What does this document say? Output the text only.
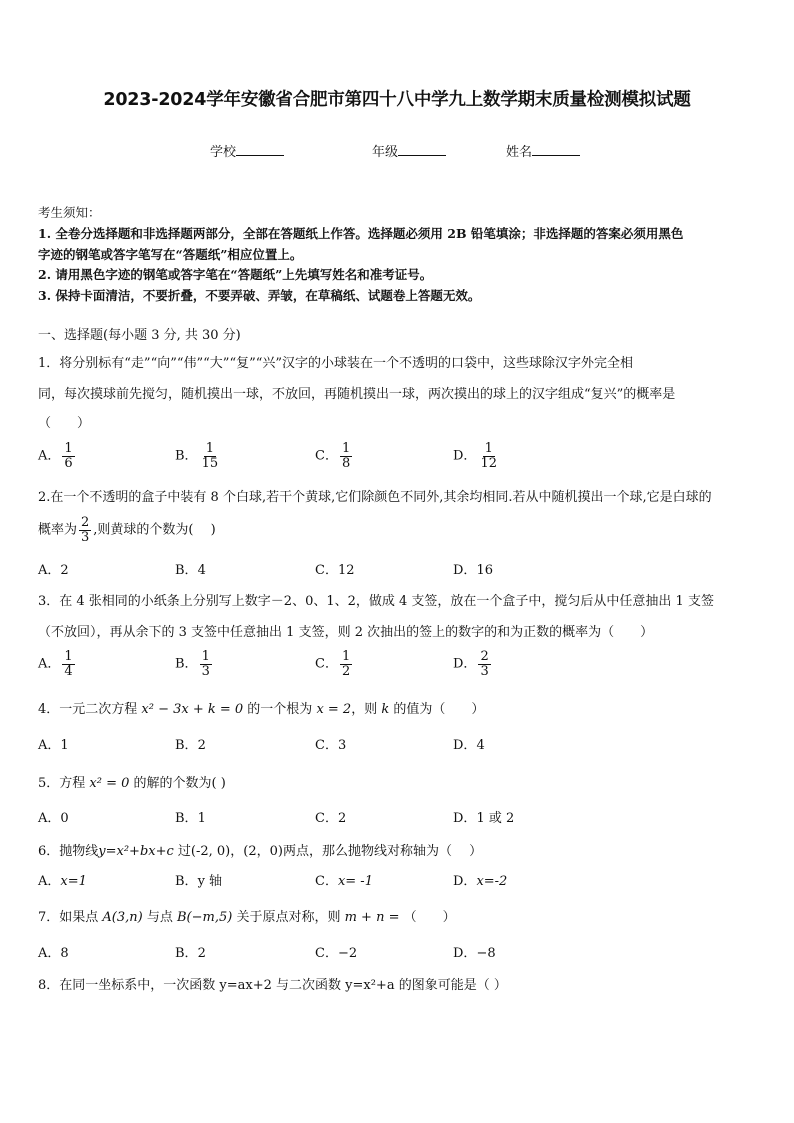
2023-2024学年安徽省合肥市第四十八中学九上数学期末质量检测模拟试题
学校	年级	姓名
考生须知：
1. 全卷分选择题和非选择题两部分，全部在答题纸上作答。选择题必须用 2B 铅笔填涂；非选择题的答案必须用黑色
字迹的钢笔或答字笔写在“答题纸”相应位置上。
2. 请用黑色字迹的钢笔或答字笔在“答题纸”上先填写姓名和准考证号。
3. 保持卡面清洁，不要折叠，不要弄破、弄皱，在草稿纸、试题卷上答题无效。
一、选择题(每小题 3 分, 共 30 分)
1．将分别标有“走”“向”“伟”“大”“复”“兴”汉字的小球装在一个不透明的口袋中，这些球除汉字外完全相
同，每次摸球前先搅匀，随机摸出一球，不放回，再随机摸出一球，两次摸出的球上的汉字组成“复兴”的概率是
（　　）
A． $\frac{1}{6}$	B． $\frac{1}{15}$	C． $\frac{1}{8}$	D． $\frac{1}{12}$
2.在一个不透明的盒子中装有 8 个白球,若干个黄球,它们除颜色不同外,其余均相同.若从中随机摸出一个球,它是白球的
概率为 $\frac{2}{3}$ ,则黄球的个数为(　 )
A．2	B．4	C．12	D．16
3．在 4 张相同的小纸条上分别写上数字－2、0、1、2，做成 4 支签，放在一个盒子中，搅匀后从中任意抽出 1 支签
（不放回），再从余下的 3 支签中任意抽出 1 支签，则 2 次抽出的签上的数字的和为正数的概率为（　　）
A． $\frac{1}{4}$	B． $\frac{1}{3}$	C． $\frac{1}{2}$	D． $\frac{2}{3}$
4．一元二次方程 x² − 3x + k = 0 的一个根为 x = 2，则 k 的值为（　　）
A．1	B．2	C．3	D．4
5．方程 x² = 0 的解的个数为( )
A．0	B．1	C．2	D．1 或 2
6．抛物线y=x²+bx+c 过(-2, 0)，(2，0)两点，那么抛物线对称轴为（　 ）
A．x=1	B．y 轴	C．x= -1	D．x=-2
7．如果点 A(3,n) 与点 B(−m,5) 关于原点对称，则 m + n = （　　）
A．8	B．2	C．−2	D．−8
8．在同一坐标系中，一次函数 y=ax+2 与二次函数 y=x²+a 的图象可能是（ ）
